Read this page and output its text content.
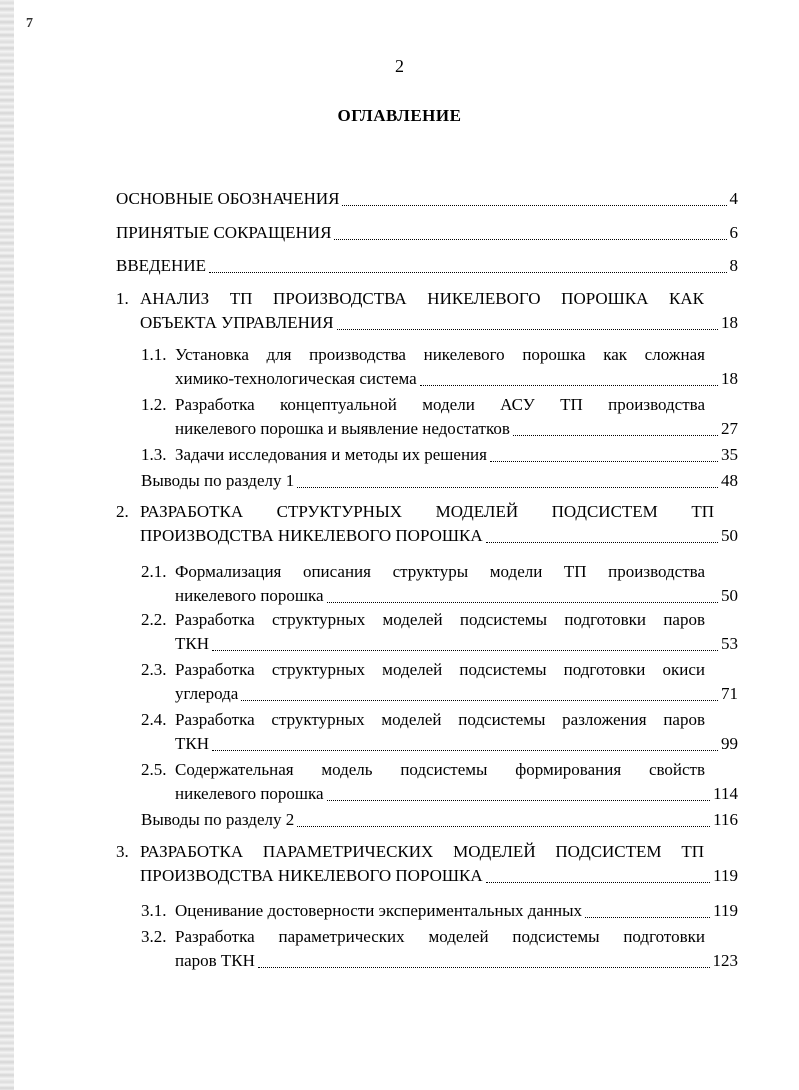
7
2
ОГЛАВЛЕНИЕ
ОСНОВНЫЕ ОБОЗНАЧЕНИЯ	4
ПРИНЯТЫЕ СОКРАЩЕНИЯ	6
ВВЕДЕНИЕ	8
1. АНАЛИЗ ТП ПРОИЗВОДСТВА НИКЕЛЕВОГО ПОРОШКА КАК
ОБЪЕКТА УПРАВЛЕНИЯ	18
1.1. Установка для производства никелевого порошка как сложная
химико-технологическая система	18
1.2. Разработка концептуальной модели АСУ ТП производства
никелевого порошка и выявление недостатков	27
1.3. Задачи исследования и методы их решения	35
Выводы по разделу 1	48
2. РАЗРАБОТКА СТРУКТУРНЫХ МОДЕЛЕЙ ПОДСИСТЕМ ТП
ПРОИЗВОДСТВА НИКЕЛЕВОГО ПОРОШКА	50
2.1. Формализация описания структуры модели ТП производства
никелевого порошка	50
2.2. Разработка структурных моделей подсистемы подготовки паров
ТКН	53
2.3. Разработка структурных моделей подсистемы подготовки окиси
углерода	71
2.4. Разработка структурных моделей подсистемы разложения паров
ТКН	99
2.5. Содержательная модель подсистемы формирования свойств
никелевого порошка	114
Выводы по разделу 2	116
3. РАЗРАБОТКА ПАРАМЕТРИЧЕСКИХ МОДЕЛЕЙ ПОДСИСТЕМ ТП
ПРОИЗВОДСТВА НИКЕЛЕВОГО ПОРОШКА	119
3.1. Оценивание достоверности экспериментальных данных	119
3.2. Разработка параметрических моделей подсистемы подготовки
паров ТКН	123
